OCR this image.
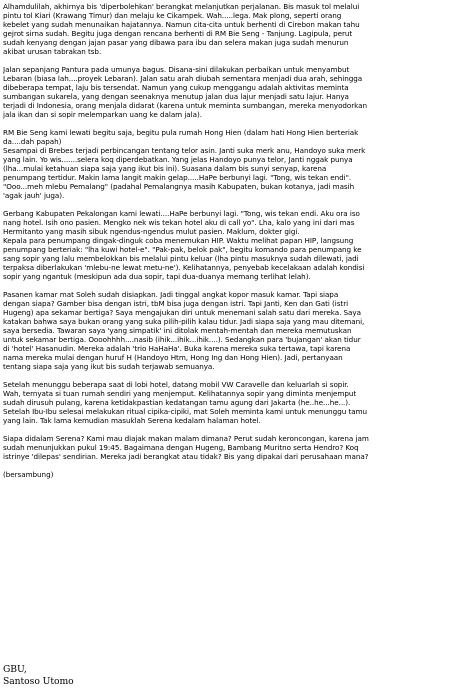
Alhamdulilah, akhirnya bis 'diperbolehkan' berangkat melanjutkan perjalanan. Bis masuk tol melalui
pintu tol Kiari (Krawang Timur) dan melaju ke Cikampek. Wah.....lega. Mak plong, seperti orang
kebelet yang sudah menunaikan hajatannya. Namun cita-cita untuk berhenti di Cirebon makan tahu
gejrot sirna sudah. Begitu juga dengan rencana berhenti di RM Bie Seng - Tanjung. Lagipula, perut
sudah kenyang dengan jajan pasar yang dibawa para ibu dan selera makan juga sudah menurun
akibat urusan tabrakan tsb.
Jalan sepanjang Pantura pada umunya bagus. Disana-sini dilakukan perbaikan untuk menyambut
Lebaran (biasa lah....proyek Lebaran). Jalan satu arah diubah sementara menjadi dua arah, sehingga
dibeberapa tempat, laju bis tersendat. Namun yang cukup menggangu adalah aktivitas meminta
sumbangan sukarela, yang dengan seenaknya menutup jalan dua lajur menjadi satu lajur. Hanya
terjadi di Indonesia, orang menjala didarat (karena untuk meminta sumbangan, mereka menyodorkan
jala ikan dan si sopir melemparkan uang ke dalam jala).
RM Bie Seng kami lewati begitu saja, begitu pula rumah Hong Hien (dalam hati Hong Hien berteriak
da....dah papah)
Sesampai di Brebes terjadi perbincangan tentang telor asin. Janti suka merk anu, Handoyo suka merk
yang lain. Yo wis.......selera koq diperdebatkan. Yang jelas Handoyo punya telor, Janti nggak punya
(lha...mulai ketahuan siapa saja yang ikut bis ini). Suasana dalam bis sunyi senyap, karena
penumpang tertidur. Makin lama langit makin gelap.....HaPe berbunyi lagi. "Tong, wis tekan endi".
"Ooo...meh mlebu Pemalang" (padahal Pemalangnya masih Kabupaten, bukan kotanya, jadi masih
'agak jauh' juga).
Gerbang Kabupaten Pekalongan kami lewati....HaPe berbunyi lagi. "Tong, wis tekan endi. Aku ora iso
nang hotel. Isih ono pasien. Mengko nek wis tekan hotel aku di call yo". Lha, kalo yang ini dari mas
Hermitanto yang masih sibuk ngendus-ngendus mulut pasien. Maklum, dokter gigi.
Kepala para penumpang dingak-dinguk coba menemukan HIP. Waktu melihat papan HIP, langsung
penumpang berteriak: "lha kuwi hotel-e". "Pak-pak, belok pak", begitu komando para penumpang ke
sang sopir yang lalu membelokkan bis melalui pintu keluar (lha pintu masuknya sudah dilewati, jadi
terpaksa diberlakukan 'mlebu-ne lewat metu-ne'). Kelihatannya, penyebab kecelakaan adalah kondisi
sopir yang ngantuk (meskipun ada dua sopir, tapi dua-duanya memang terlihat lelah).
Pasanen kamar mat Soleh sudah disiapkan. Jadi tinggal angkat kopor masuk kamar. Tapi siapa
dengan siapa? Gamber bisa dengan istri, tbM bisa juga dengan istri. Tapi Janti, Ken dan Gati (istri
Hugeng) apa sekamar bertiga? Saya mengajukan diri untuk menemani salah satu dari mereka. Saya
katakan bahwa saya bukan orang yang suka pilih-pilih kalau tidur. Jadi siapa saja yang mau ditemani,
saya bersedia. Tawaran saya 'yang simpatik' ini ditolak mentah-mentah dan mereka memutuskan
untuk sekamar bertiga. Oooohhhh....nasib (ihik...ihik...ihik....). Sedangkan para 'bujangan' akan tidur
di 'hotel' Hasanudin. Mereka adalah 'trio HaHaHa'. Buka karena mereka suka tertawa, tapi karena
nama mereka mulai dengan huruf H (Handoyo Htm, Hong Ing dan Hong Hien). Jadi, pertanyaan
tentang siapa saja yang ikut bis sudah terjawab semuanya.
Setelah menunggu beberapa saat di lobi hotel, datang mobil VW Caravelle dan keluarlah si sopir.
Wah, ternyata si tuan rumah sendiri yang menjemput. Kelihatannya sopir yang diminta menjemput
sudah dirusuh pulang, karena ketidakpastian kedatangan tamu agung dari Jakarta (he..he...he...).
Setelah Ibu-Ibu selesai melakukan ritual cipika-cipiki, mat Soleh meminta kami untuk menunggu tamu
yang lain. Tak lama kemudian masuklah Serena kedalam halaman hotel.
Siapa didalam Serena? Kami mau diajak makan malam dimana? Perut sudah keroncongan, karena jam
sudah menunjukkan pukul 19:45. Bagaimana dengan Hugeng, Bambang Muritno serta Hendro? Koq
istrinye 'dilepas' sendirian. Mereka jadi berangkat atau tidak? Bis yang dipakai dari perusahaan mana?
(bersambung)
GBU,
Santoso Utomo
